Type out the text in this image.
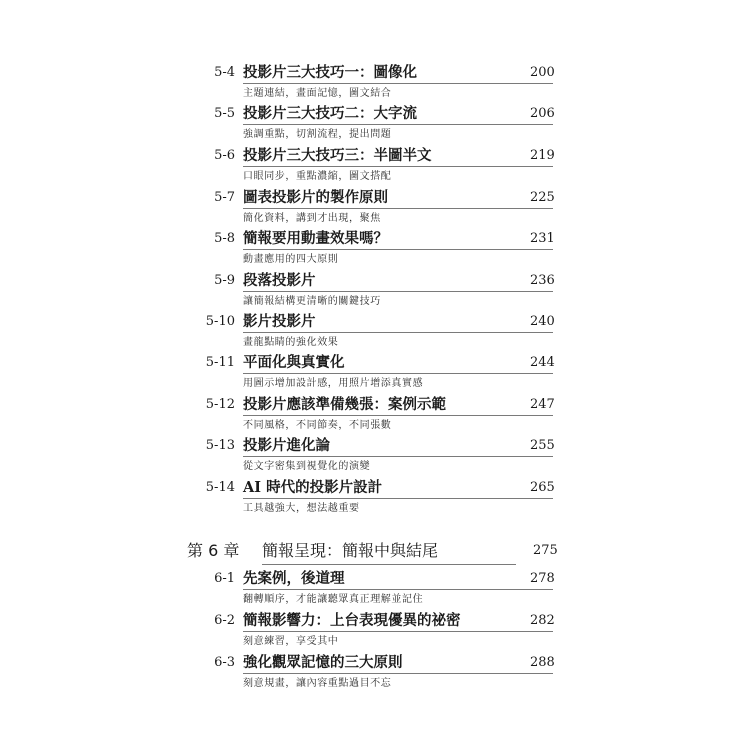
5-4 投影片三大技巧一：圖像化	200
主題連結，畫面記憶，圖文結合
5-5 投影片三大技巧二：大字流	206
強調重點，切割流程，提出問題
5-6 投影片三大技巧三：半圖半文	219
口眼同步，重點濃縮，圖文搭配
5-7 圖表投影片的製作原則	225
簡化資料，講到才出現，聚焦
5-8 簡報要用動畫效果嗎？	231
動畫應用的四大原則
5-9 段落投影片	236
讓簡報結構更清晰的關鍵技巧
5-10 影片投影片	240
畫龍點睛的強化效果
5-11 平面化與真實化	244
用圖示增加設計感，用照片增添真實感
5-12 投影片應該準備幾張：案例示範	247
不同風格，不同節奏，不同張數
5-13 投影片進化論	255
從文字密集到視覺化的演變
5-14 AI 時代的投影片設計	265
工具越強大，想法越重要
第 6 章 簡報呈現：簡報中與結尾	275
6-1 先案例，後道理	278
翻轉順序，才能讓聽眾真正理解並記住
6-2 簡報影響力：上台表現優異的祕密	282
刻意練習，享受其中
6-3 強化觀眾記憶的三大原則	288
刻意規畫，讓內容重點過目不忘
